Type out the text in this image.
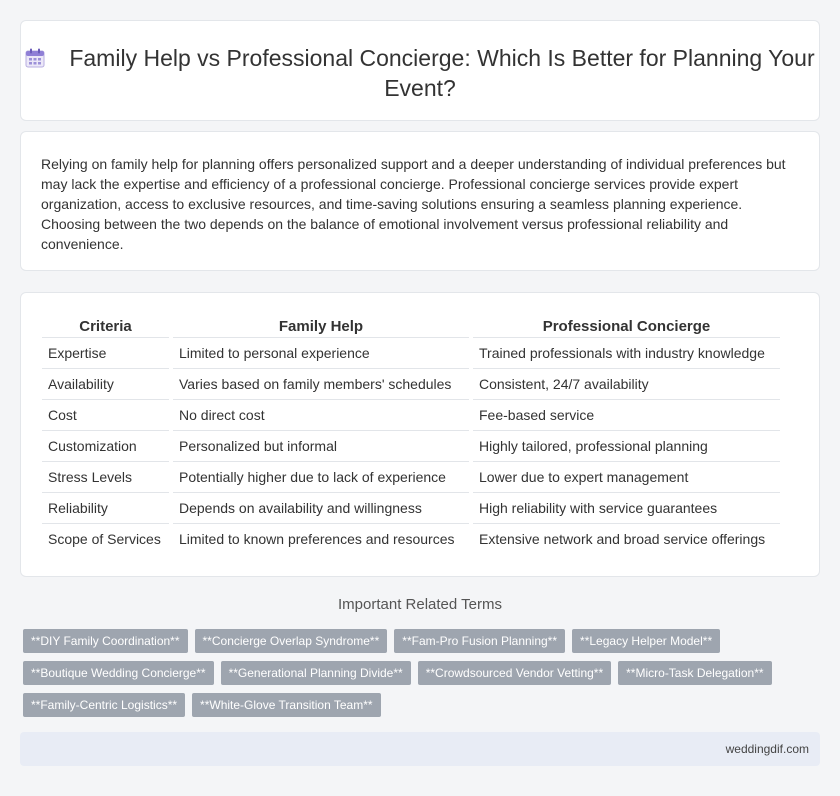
Family Help vs Professional Concierge: Which Is Better for Planning Your Event?

Relying on family help for planning offers personalized support and a deeper understanding of individual preferences but may lack the expertise and efficiency of a professional concierge. Professional concierge services provide expert organization, access to exclusive resources, and time-saving solutions ensuring a seamless planning experience. Choosing between the two depends on the balance of emotional involvement versus professional reliability and convenience.

Criteria		Family Help		Professional Concierge
Expertise		Limited to personal experience		Trained professionals with industry knowledge
Availability		Varies based on family members' schedules		Consistent, 24/7 availability
Cost		No direct cost		Fee-based service
Customization		Personalized but informal		Highly tailored, professional planning
Stress Levels		Potentially higher due to lack of experience		Lower due to expert management
Reliability		Depends on availability and willingness		High reliability with service guarantees
Scope of Services		Limited to known preferences and resources		Extensive network and broad service offerings
Important Related Terms
**DIY Family Coordination**	**Concierge Overlap Syndrome**	**Fam-Pro Fusion Planning**	**Legacy Helper Model**
**Boutique Wedding Concierge**	**Generational Planning Divide**	**Crowdsourced Vendor Vetting**	**Micro-Task Delegation**
**Family-Centric Logistics**	**White-Glove Transition Team**
weddingdif.com
